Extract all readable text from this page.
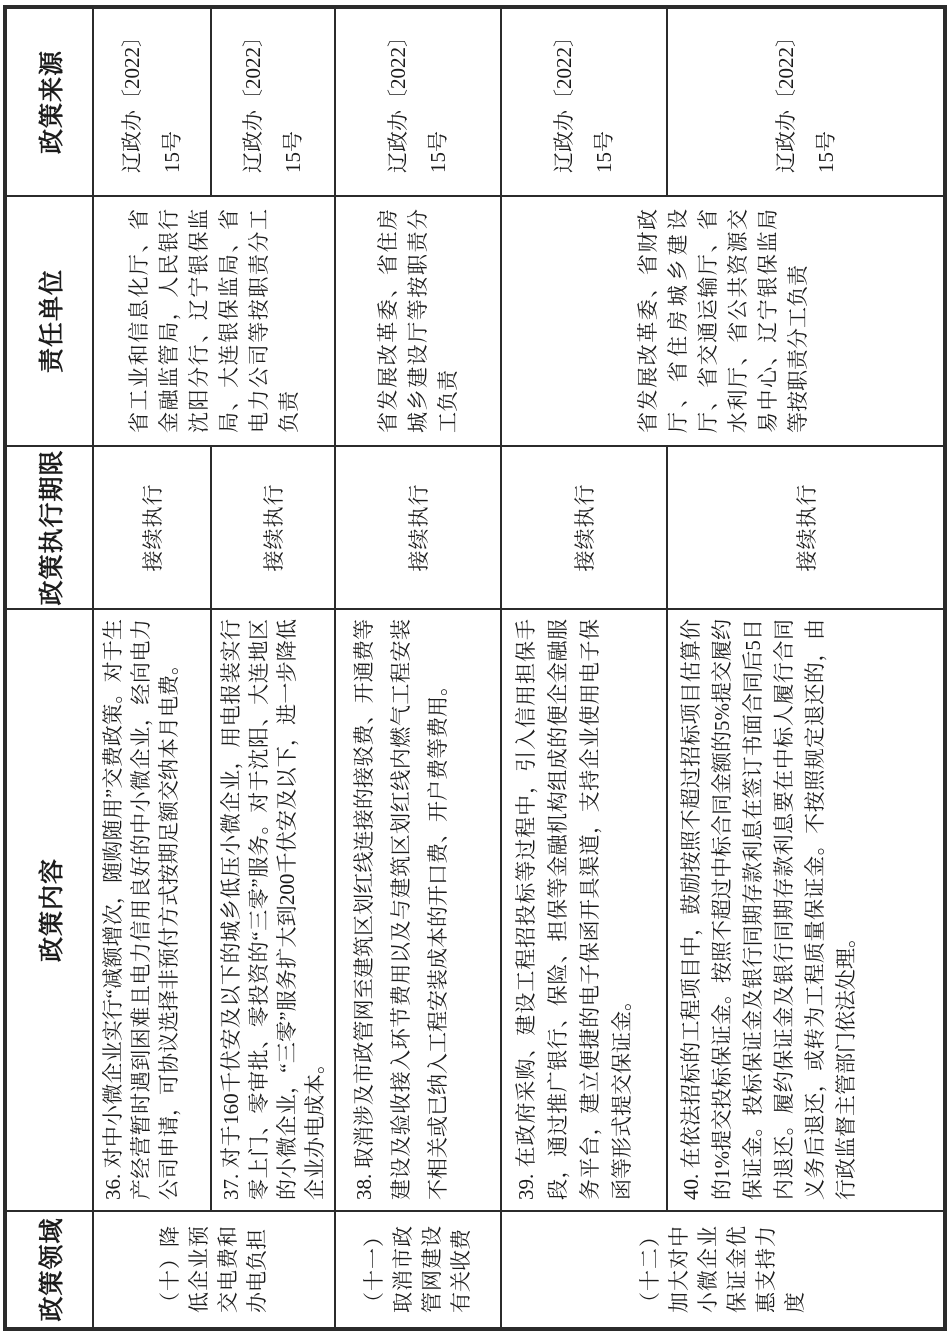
政策领域	政策内容	政策执行期限	责任单位	政策来源
（十）降低企业预交电费和办电负担	36. 对中小微企业实行“减额增次，随购随用”交费政策。对于生产经营暂时遇到困难且电力信用良好的中小微企业，经向电力公司申请，可协议选择非预付方式按期足额交纳本月电费。	接续执行	省工业和信息化厅、省金融监管局，人民银行沈阳分行、辽宁银保监局、大连银保监局、省电力公司等按职责分工负责	辽政办〔2022〕15号
	37. 对于160千伏安及以下的城乡低压小微企业，用电报装实行零上门、零审批、零投资的“三零”服务。对于沈阳、大连地区的小微企业，“三零”服务扩大到200千伏安及以下，进一步降低企业办电成本。	接续执行		辽政办〔2022〕15号
（十一）取消市政管网建设有关收费	38. 取消涉及市政管网至建筑区划红线连接的接驳费、开通费等建设及验收接入环节费用以及与建筑区划红线内燃气工程安装不相关或已纳入工程安装成本的开口费、开户费等费用。	接续执行	省发展改革委、省住房城乡建设厅等按职责分工负责	辽政办〔2022〕15号
（十二）加大对中小微企业保证金优惠支持力度	39. 在政府采购、建设工程招投标等过程中，引入信用担保手段，通过推广银行、保险、担保等金融机构组成的便企金融服务平台，建立便捷的电子保函开具渠道，支持企业使用电子保函等形式提交保证金。	接续执行	省发展改革委、省财政厅、省住房城乡建设厅、省交通运输厅、省水利厅、省公共资源交易中心、辽宁银保监局等按职责分工负责	辽政办〔2022〕15号
	40. 在依法招标的工程项目中，鼓励按照不超过招标项目估算价的1%提交投标保证金。按照不超过中标合同金额的5%提交履约保证金。投标保证金及银行同期存款利息在签订书面合同后5日内退还。履约保证金及银行同期存款利息要在中标人履行合同义务后退还，或转为工程质量保证金。不按照规定退还的，由行政监督主管部门依法处理。	接续执行		辽政办〔2022〕15号
